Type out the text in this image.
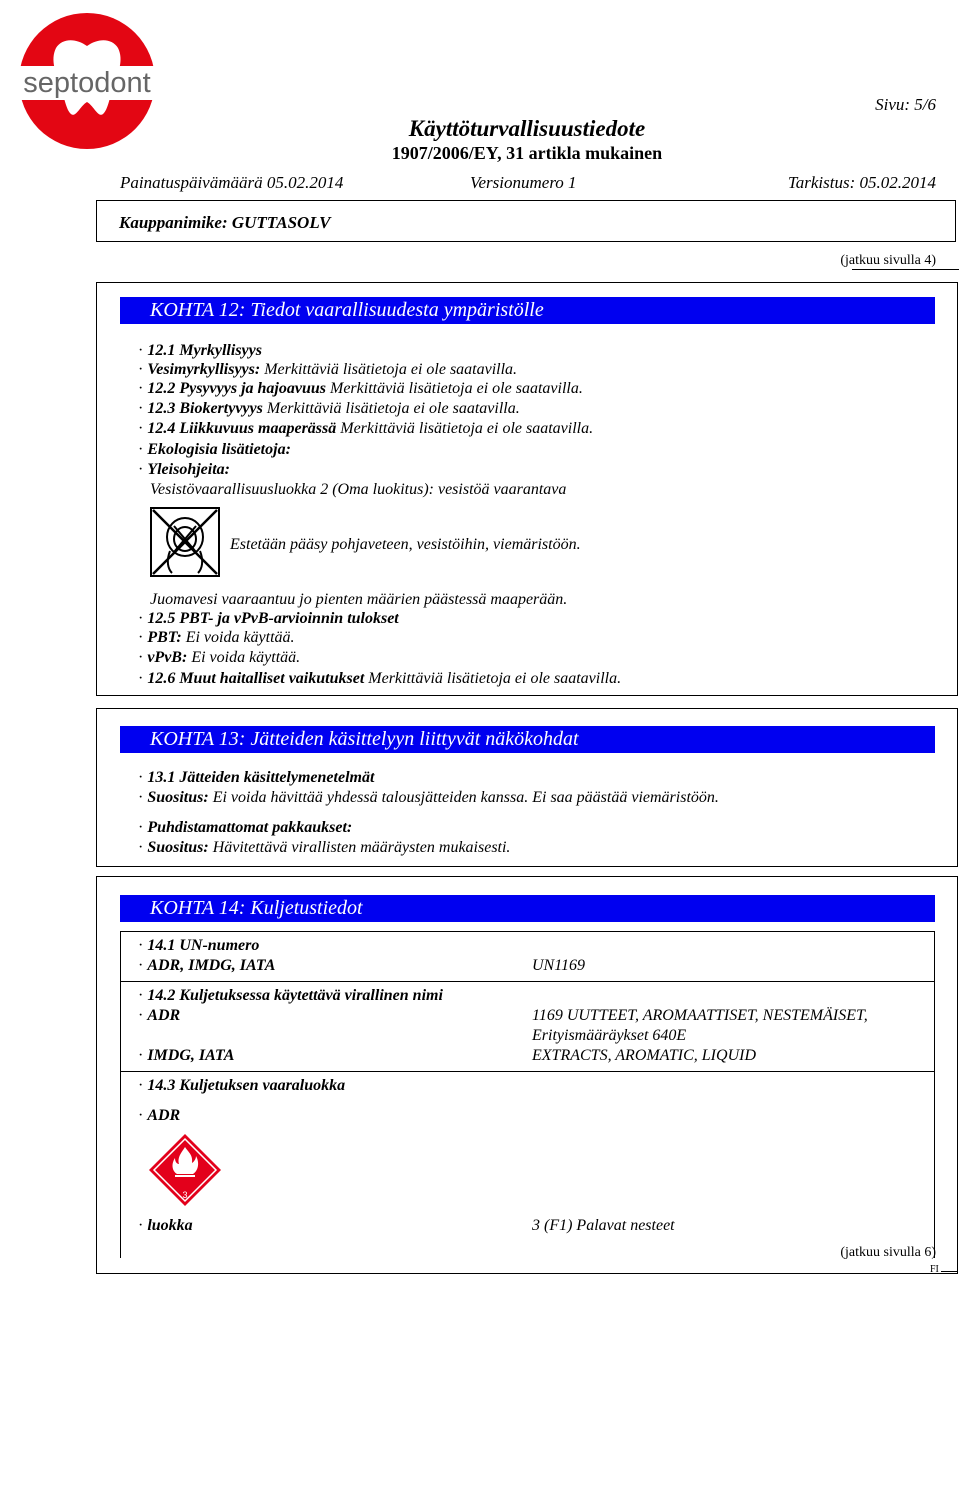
septodont
Sivu: 5/6
Käyttöturvallisuustiedote
1907/2006/EY, 31 artikla mukainen
Painatuspäivämäärä 05.02.2014	Versionumero 1	Tarkistus: 05.02.2014
Kauppanimike: GUTTASOLV
(jatkuu sivulla 4)
KOHTA 12: Tiedot vaarallisuudesta ympäristölle
· 12.1 Myrkyllisyys
· Vesimyrkyllisyys: Merkittäviä lisätietoja ei ole saatavilla.
· 12.2 Pysyvyys ja hajoavuus Merkittäviä lisätietoja ei ole saatavilla.
· 12.3 Biokertyvyys Merkittäviä lisätietoja ei ole saatavilla.
· 12.4 Liikkuvuus maaperässä Merkittäviä lisätietoja ei ole saatavilla.
· Ekologisia lisätietoja:
· Yleisohjeita:
Vesistövaarallisuusluokka 2 (Oma luokitus): vesistöä vaarantava
Estetään pääsy pohjaveteen, vesistöihin, viemäristöön.
Juomavesi vaaraantuu jo pienten määrien päästessä maaperään.
· 12.5 PBT- ja vPvB-arvioinnin tulokset
· PBT: Ei voida käyttää.
· vPvB: Ei voida käyttää.
· 12.6 Muut haitalliset vaikutukset Merkittäviä lisätietoja ei ole saatavilla.
KOHTA 13: Jätteiden käsittelyyn liittyvät näkökohdat
· 13.1 Jätteiden käsittelymenetelmät
· Suositus: Ei voida hävittää yhdessä talousjätteiden kanssa. Ei saa päästää viemäristöön.
· Puhdistamattomat pakkaukset:
· Suositus: Hävitettävä virallisten määräysten mukaisesti.
KOHTA 14: Kuljetustiedot
· 14.1 UN-numero
· ADR, IMDG, IATA	UN1169
· 14.2 Kuljetuksessa käytettävä virallinen nimi
· ADR	1169 UUTTEET, AROMAATTISET, NESTEMÄISET,
Erityismääräykset 640E
· IMDG, IATA	EXTRACTS, AROMATIC, LIQUID
· 14.3 Kuljetuksen vaaraluokka
· ADR
3
· luokka	3 (F1) Palavat nesteet
(jatkuu sivulla 6)
FI
